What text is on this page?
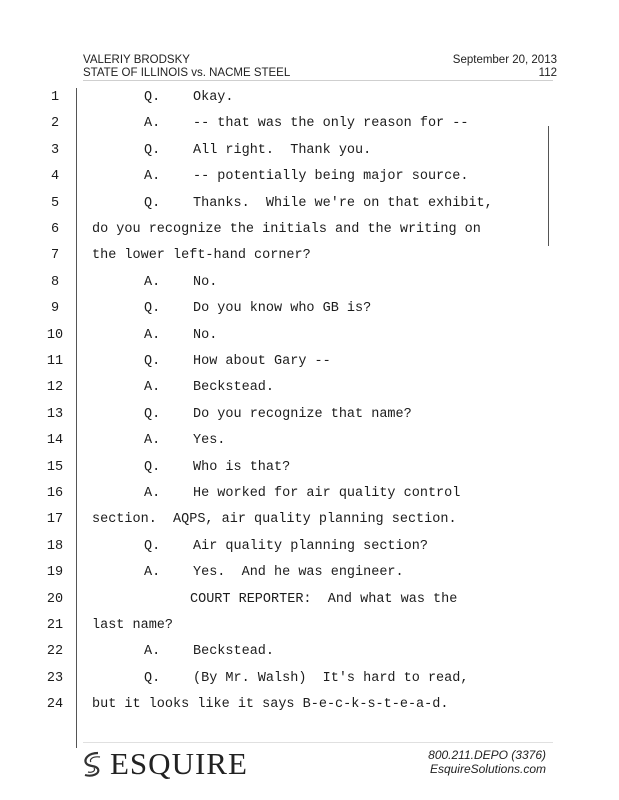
VALERIY BRODSKY
STATE OF ILLINOIS vs. NACME STEEL
September 20, 2013
112
1	Q. Okay.
2	A. -- that was the only reason for --
3	Q. All right.  Thank you.
4	A. -- potentially being major source.
5	Q. Thanks.  While we're on that exhibit,
6	do you recognize the initials and the writing on
7	the lower left-hand corner?
8	A. No.
9	Q. Do you know who GB is?
10	A. No.
11	Q. How about Gary --
12	A. Beckstead.
13	Q. Do you recognize that name?
14	A. Yes.
15	Q. Who is that?
16	A. He worked for air quality control
17	section.  AQPS, air quality planning section.
18	Q. Air quality planning section?
19	A. Yes.  And he was engineer.
20	COURT REPORTER:  And what was the
21	last name?
22	A. Beckstead.
23	Q. (By Mr. Walsh)  It's hard to read,
24	but it looks like it says B-e-c-k-s-t-e-a-d.
ESQUIRE	800.211.DEPO (3376)
EsquireSolutions.com
